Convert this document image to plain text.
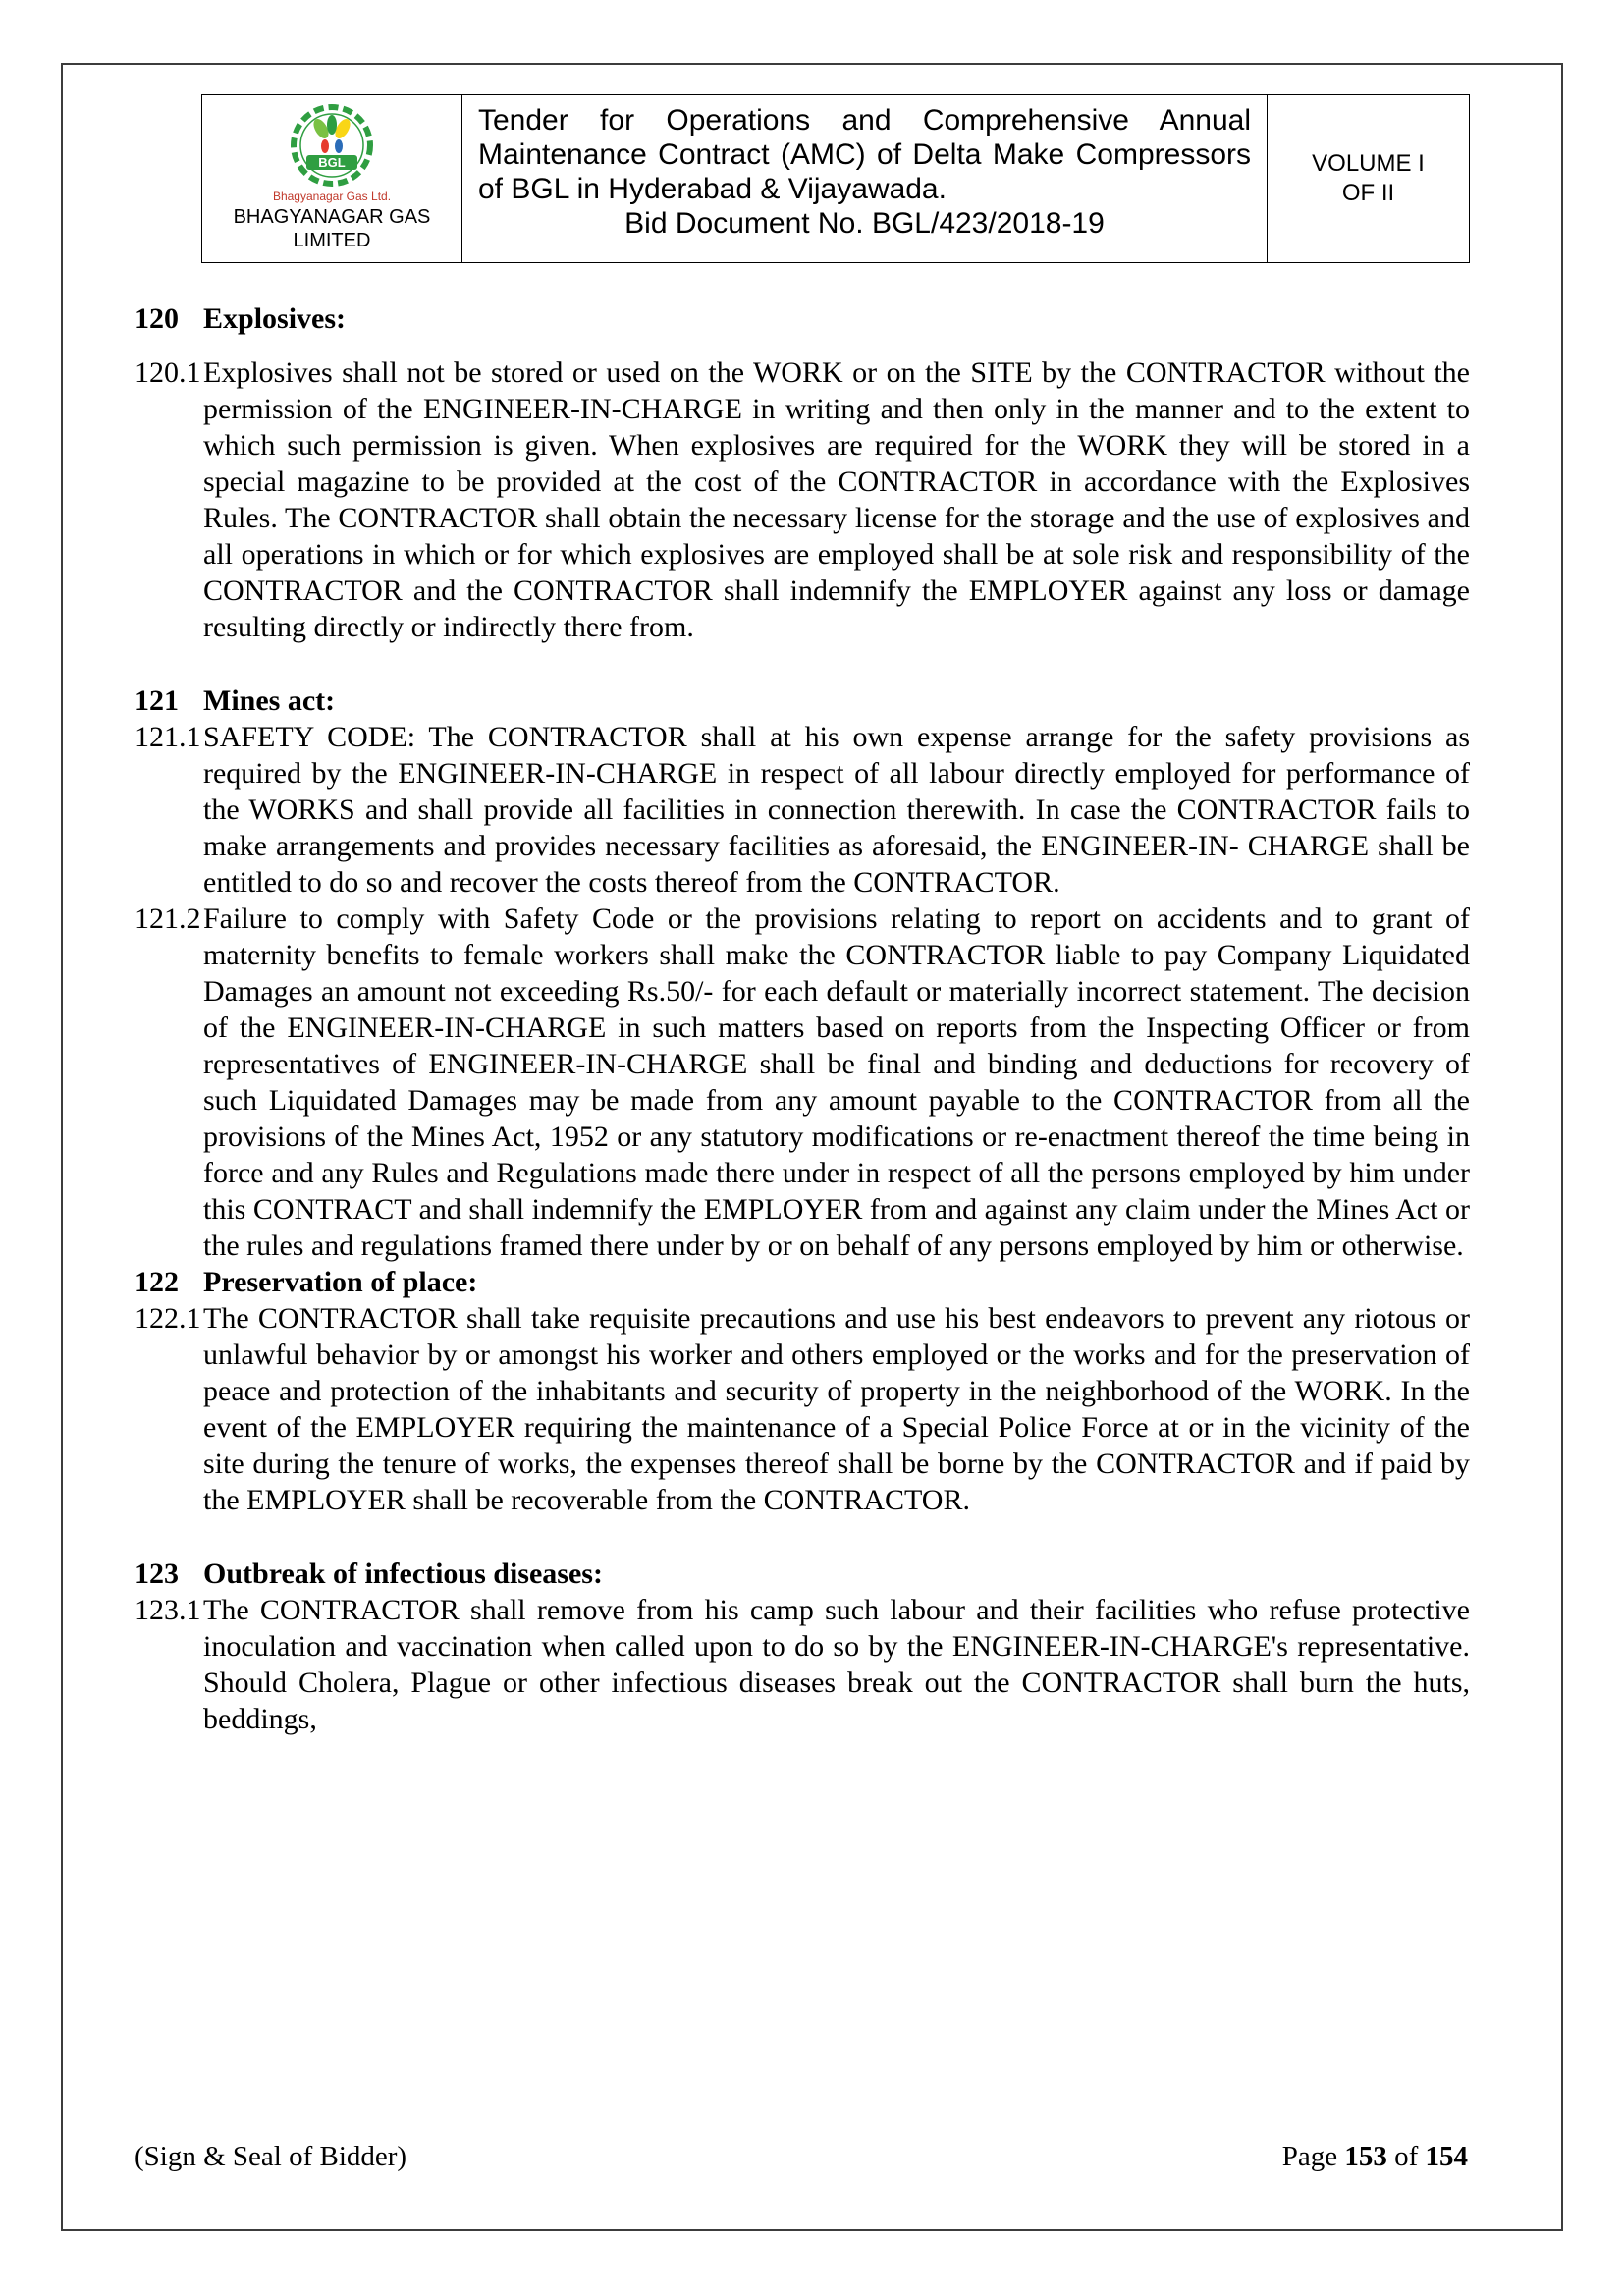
BGL
Bhagyanagar Gas Ltd.
BHAGYANAGAR GAS
LIMITED
Tender for Operations and Comprehensive Annual Maintenance Contract (AMC) of Delta Make Compressors of BGL in Hyderabad & Vijayawada.
Bid Document No. BGL/423/2018-19
VOLUME I
OF II
120 Explosives:
120.1 Explosives shall not be stored or used on the WORK or on the SITE by the CONTRACTOR without the permission of the ENGINEER-IN-CHARGE in writing and then only in the manner and to the extent to which such permission is given. When explosives are required for the WORK they will be stored in a special magazine to be provided at the cost of the CONTRACTOR in accordance with the Explosives Rules. The CONTRACTOR shall obtain the necessary license for the storage and the use of explosives and all operations in which or for which explosives are employed shall be at sole risk and responsibility of the CONTRACTOR and the CONTRACTOR shall indemnify the EMPLOYER against any loss or damage resulting directly or indirectly there from.
121 Mines act:
121.1 SAFETY CODE: The CONTRACTOR shall at his own expense arrange for the safety provisions as required by the ENGINEER-IN-CHARGE in respect of all labour directly employed for performance of the WORKS and shall provide all facilities in connection therewith. In case the CONTRACTOR fails to make arrangements and provides necessary facilities as aforesaid, the ENGINEER-IN- CHARGE shall be entitled to do so and recover the costs thereof from the CONTRACTOR.
121.2 Failure to comply with Safety Code or the provisions relating to report on accidents and to grant of maternity benefits to female workers shall make the CONTRACTOR liable to pay Company Liquidated Damages an amount not exceeding Rs.50/- for each default or materially incorrect statement. The decision of the ENGINEER-IN-CHARGE in such matters based on reports from the Inspecting Officer or from representatives of ENGINEER-IN-CHARGE shall be final and binding and deductions for recovery of such Liquidated Damages may be made from any amount payable to the CONTRACTOR from all the provisions of the Mines Act, 1952 or any statutory modifications or re-enactment thereof the time being in force and any Rules and Regulations made there under in respect of all the persons employed by him under this CONTRACT and shall indemnify the EMPLOYER from and against any claim under the Mines Act or the rules and regulations framed there under by or on behalf of any persons employed by him or otherwise.
122 Preservation of place:
122.1 The CONTRACTOR shall take requisite precautions and use his best endeavors to prevent any riotous or unlawful behavior by or amongst his worker and others employed or the works and for the preservation of peace and protection of the inhabitants and security of property in the neighborhood of the WORK. In the event of the EMPLOYER requiring the maintenance of a Special Police Force at or in the vicinity of the site during the tenure of works, the expenses thereof shall be borne by the CONTRACTOR and if paid by the EMPLOYER shall be recoverable from the CONTRACTOR.
123 Outbreak of infectious diseases:
123.1 The CONTRACTOR shall remove from his camp such labour and their facilities who refuse protective inoculation and vaccination when called upon to do so by the ENGINEER-IN-CHARGE's representative. Should Cholera, Plague or other infectious diseases break out the CONTRACTOR shall burn the huts, beddings,
(Sign & Seal of Bidder)	Page 153 of 154
